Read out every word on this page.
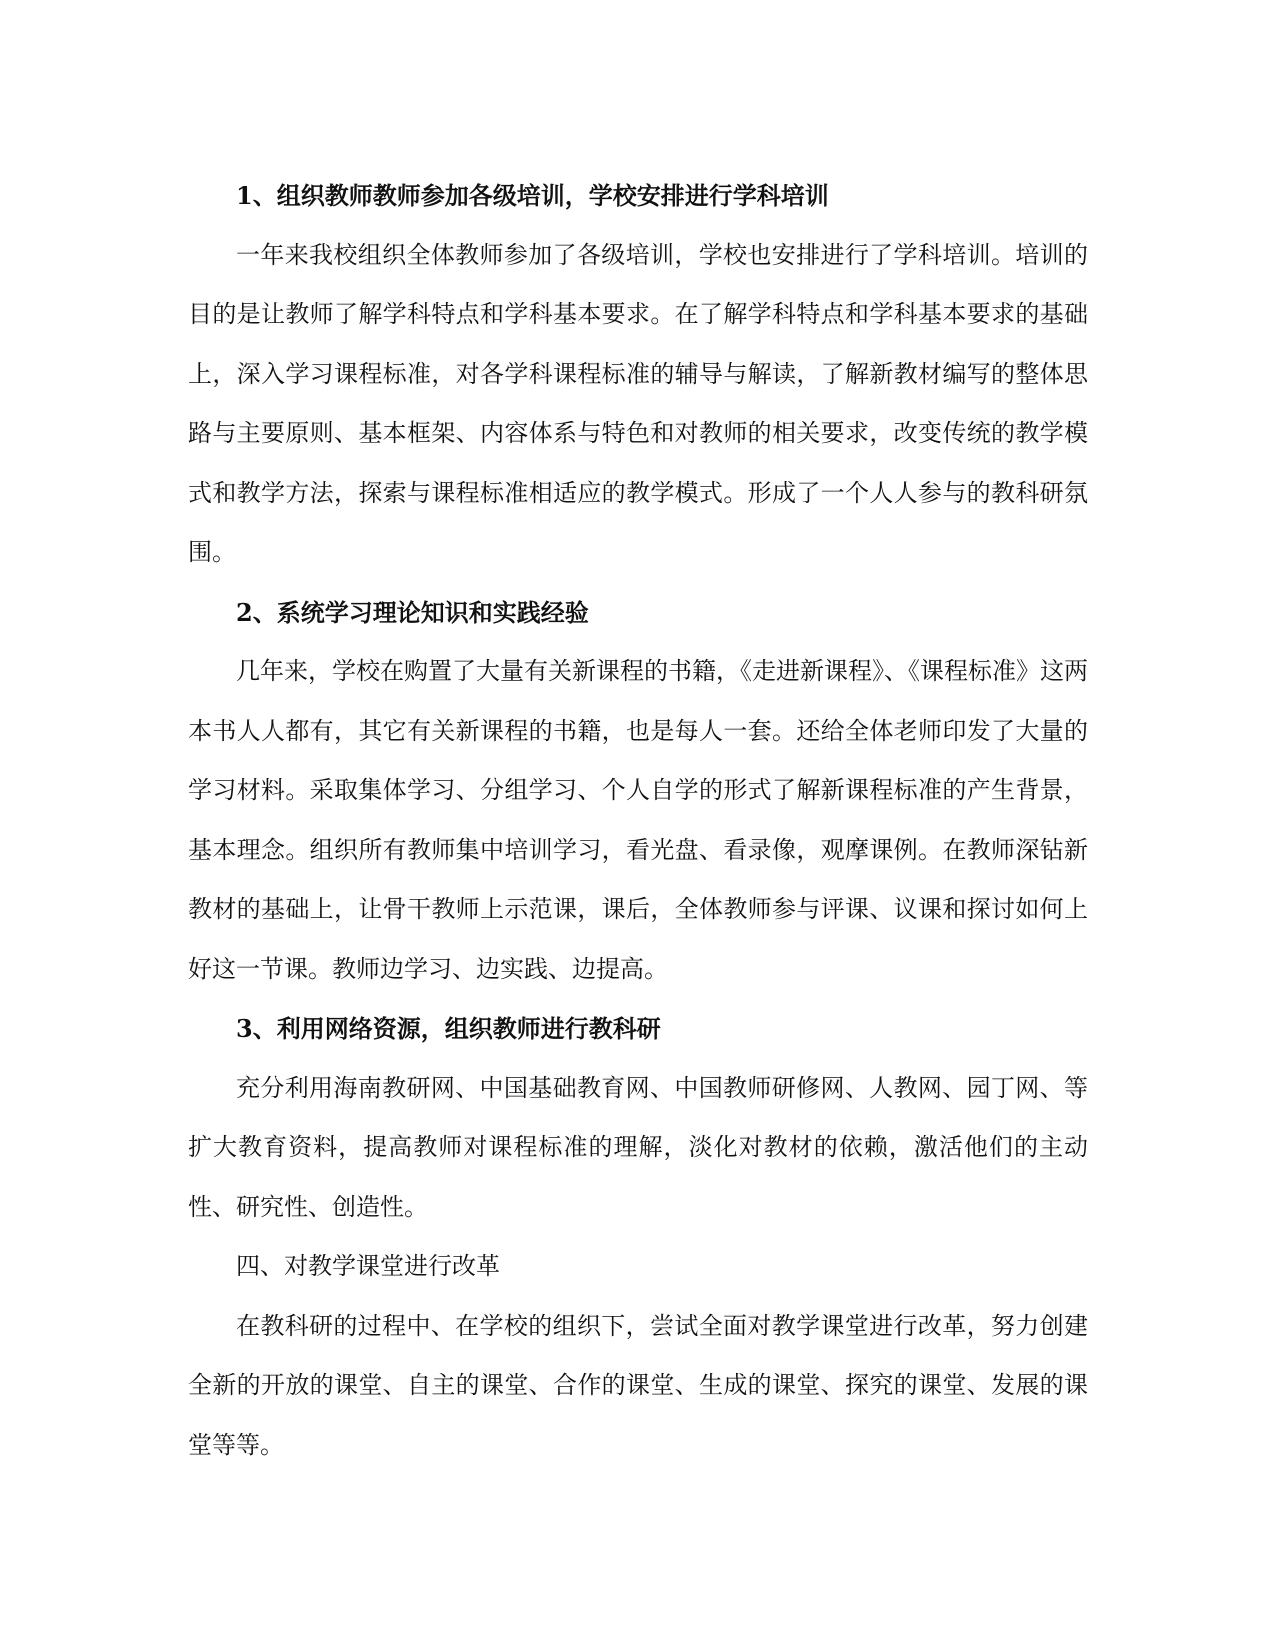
1、组织教师教师参加各级培训，学校安排进行学科培训

一年来我校组织全体教师参加了各级培训，学校也安排进行了学科培训。培训的目的是让教师了解学科特点和学科基本要求。在了解学科特点和学科基本要求的基础上，深入学习课程标准，对各学科课程标准的辅导与解读，了解新教材编写的整体思路与主要原则、基本框架、内容体系与特色和对教师的相关要求，改变传统的教学模式和教学方法，探索与课程标准相适应的教学模式。形成了一个人人参与的教科研氛围。

2、系统学习理论知识和实践经验

几年来，学校在购置了大量有关新课程的书籍，《走进新课程》、《课程标准》这两本书人人都有，其它有关新课程的书籍，也是每人一套。还给全体老师印发了大量的学习材料。采取集体学习、分组学习、个人自学的形式了解新课程标准的产生背景，基本理念。组织所有教师集中培训学习，看光盘、看录像，观摩课例。在教师深钻新教材的基础上，让骨干教师上示范课，课后，全体教师参与评课、议课和探讨如何上好这一节课。教师边学习、边实践、边提高。

3、利用网络资源，组织教师进行教科研

充分利用海南教研网、中国基础教育网、中国教师研修网、人教网、园丁网、等扩大教育资料，提高教师对课程标准的理解，淡化对教材的依赖，激活他们的主动性、研究性、创造性。

四、对教学课堂进行改革

在教科研的过程中、在学校的组织下，尝试全面对教学课堂进行改革，努力创建全新的开放的课堂、自主的课堂、合作的课堂、生成的课堂、探究的课堂、发展的课堂等等。
